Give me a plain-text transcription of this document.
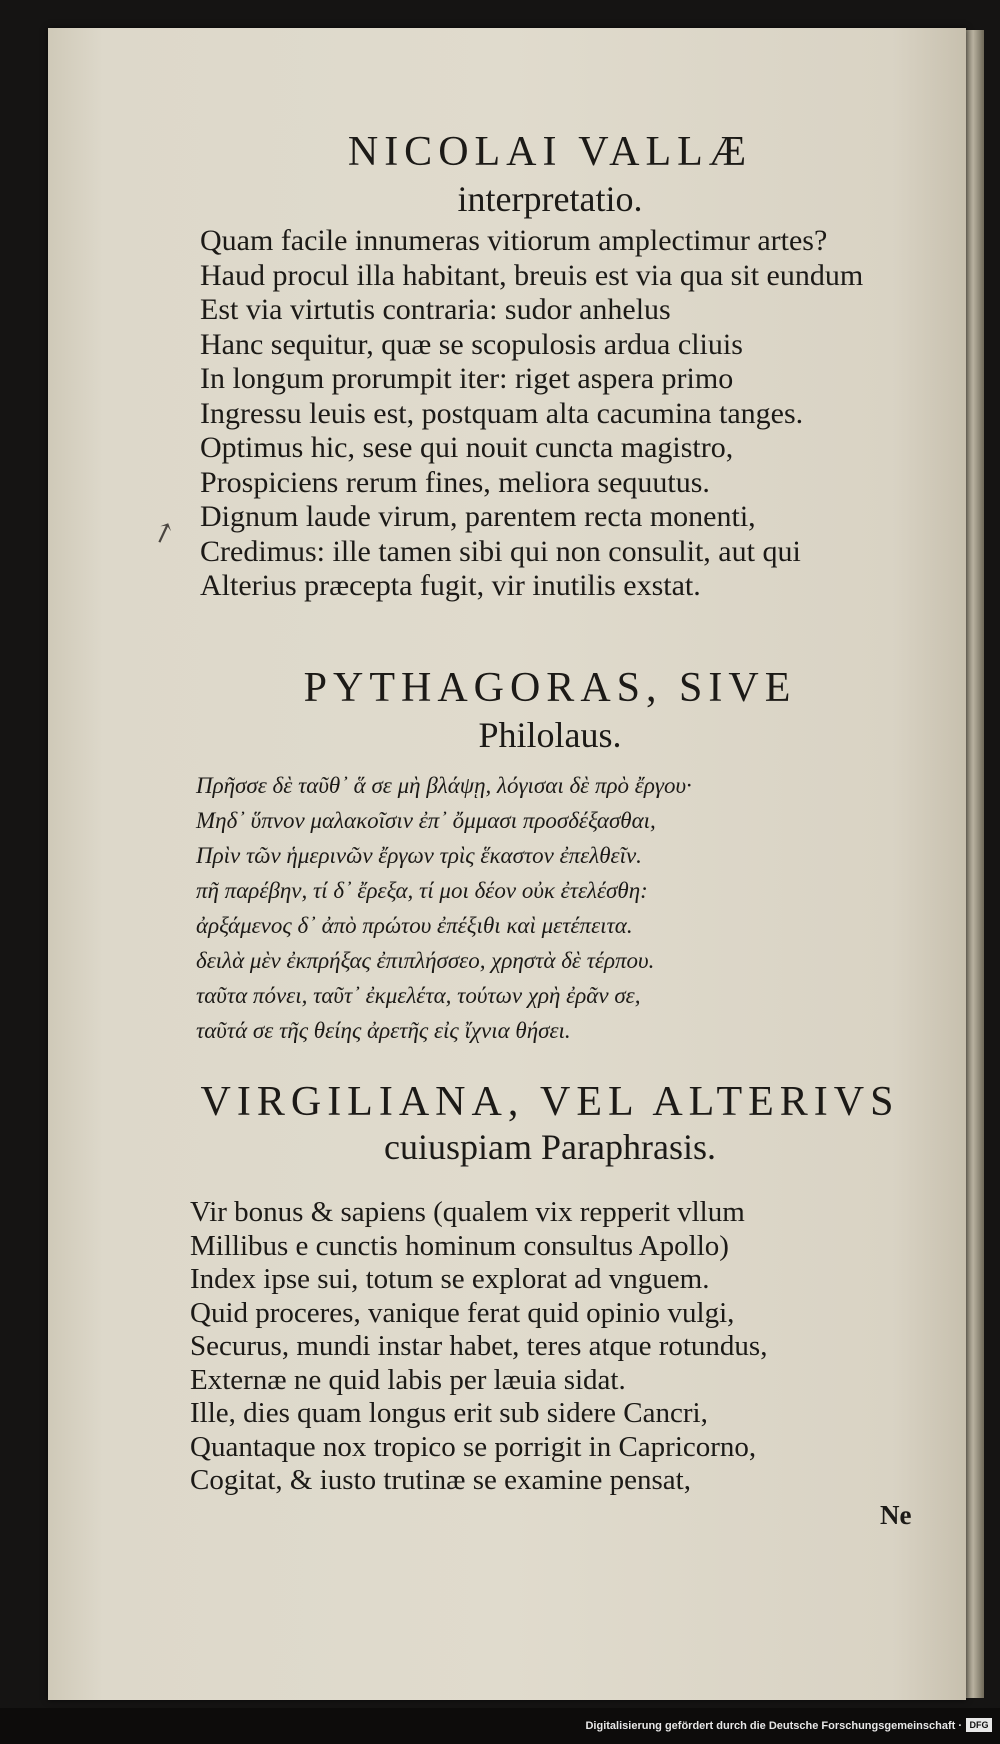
↗
NICOLAI VALLÆ
interpretatio.
Quam facile innumeras vitiorum amplectimur artes?
Haud procul illa habitant, breuis est via qua sit eundum
Est via virtutis contraria: sudor anhelus
Hanc sequitur, quæ se scopulosis ardua cliuis
In longum prorumpit iter: riget aspera primo
Ingressu leuis est, postquam alta cacumina tanges.
Optimus hic, sese qui nouit cuncta magistro,
Prospiciens rerum fines, meliora sequutus.
Dignum laude virum, parentem recta monenti,
Credimus: ille tamen sibi qui non consulit, aut qui
Alterius præcepta fugit, vir inutilis exstat.
PYTHAGORAS, SIVE
Philolaus.
Πρῆσσε δὲ ταῦθ᾽ ἅ σε μὴ βλάψῃ, λόγισαι δὲ πρὸ ἔργου·
Μηδ᾽ ὕπνον μαλακοῖσιν ἐπ᾽ ὄμμασι προσδέξασθαι,
Πρὶν τῶν ἡμερινῶν ἔργων τρὶς ἕκαστον ἐπελθεῖν.
πῆ παρέβην, τί δ᾽ ἔρεξα, τί μοι δέον οὐκ ἐτελέσθη:
ἀρξάμενος δ᾽ ἀπὸ πρώτου ἐπέξιθι καὶ μετέπειτα.
δειλὰ μὲν ἐκπρήξας ἐπιπλήσσεο, χρηστὰ δὲ τέρπου.
ταῦτα πόνει, ταῦτ᾽ ἐκμελέτα, τούτων χρὴ ἐρᾶν σε,
ταῦτά σε τῆς θείης ἀρετῆς εἰς ἴχνια θήσει.
VIRGILIANA, VEL ALTERIVS
cuiuspiam Paraphrasis.
Vir bonus & sapiens (qualem vix repperit vllum
Millibus e cunctis hominum consultus Apollo)
Index ipse sui, totum se explorat ad vnguem.
Quid proceres, vanique ferat quid opinio vulgi,
Securus, mundi instar habet, teres atque rotundus,
Externæ ne quid labis per læuia sidat.
Ille, dies quam longus erit sub sidere Cancri,
Quantaque nox tropico se porrigit in Capricorno,
Cogitat, & iusto trutinæ se examine pensat,
Ne
Digitalisierung gefördert durch die Deutsche Forschungsgemeinschaft · DFG
